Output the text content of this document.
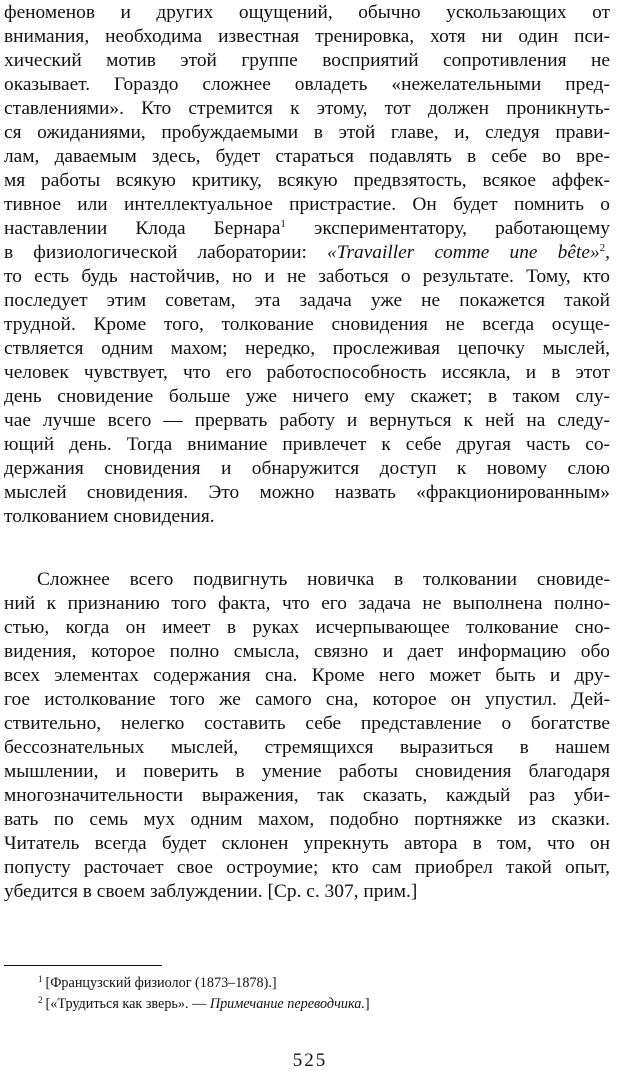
феноменов и других ощущений, обычно ускользающих от
внимания, необходима известная тренировка, хотя ни один пси-
хический мотив этой группе восприятий сопротивления не
оказывает. Гораздо сложнее овладеть «нежелательными пред-
ставлениями». Кто стремится к этому, тот должен проникнуть-
ся ожиданиями, пробуждаемыми в этой главе, и, следуя прави-
лам, даваемым здесь, будет стараться подавлять в себе во вре-
мя работы всякую критику, всякую предвзятость, всякое аффек-
тивное или интеллектуальное пристрастие. Он будет помнить о
наставлении Клода Бернара$^1$ экспериментатору, работающему
в физиологической лаборатории: «Travailler comme une bête»$^2$,
то есть будь настойчив, но и не заботься о результате. Тому, кто
последует этим советам, эта задача уже не покажется такой
трудной. Кроме того, толкование сновидения не всегда осуще-
ствляется одним махом; нередко, прослеживая цепочку мыслей,
человек чувствует, что его работоспособность иссякла, и в этот
день сновидение больше уже ничего ему скажет; в таком слу-
чае лучше всего — прервать работу и вернуться к ней на следу-
ющий день. Тогда внимание привлечет к себе другая часть со-
держания сновидения и обнаружится доступ к новому слою
мыслей сновидения. Это можно назвать «фракционированным»
толкованием сновидения.
Сложнее всего подвигнуть новичка в толковании сновиде-
ний к признанию того факта, что его задача не выполнена полно-
стью, когда он имеет в руках исчерпывающее толкование сно-
видения, которое полно смысла, связно и дает информацию обо
всех элементах содержания сна. Кроме него может быть и дру-
гое истолкование того же самого сна, которое он упустил. Дей-
ствительно, нелегко составить себе представление о богатстве
бессознательных мыслей, стремящихся выразиться в нашем
мышлении, и поверить в умение работы сновидения благодаря
многозначительности выражения, так сказать, каждый раз уби-
вать по семь мух одним махом, подобно портняжке из сказки.
Читатель всегда будет склонен упрекнуть автора в том, что он
попусту расточает свое остроумие; кто сам приобрел такой опыт,
убедится в своем заблуждении. [Ср. с. 307, прим.]
$^1$ [Французский физиолог (1873–1878).]
$^2$ [«Трудиться как зверь». — Примечание переводчика.]
525
